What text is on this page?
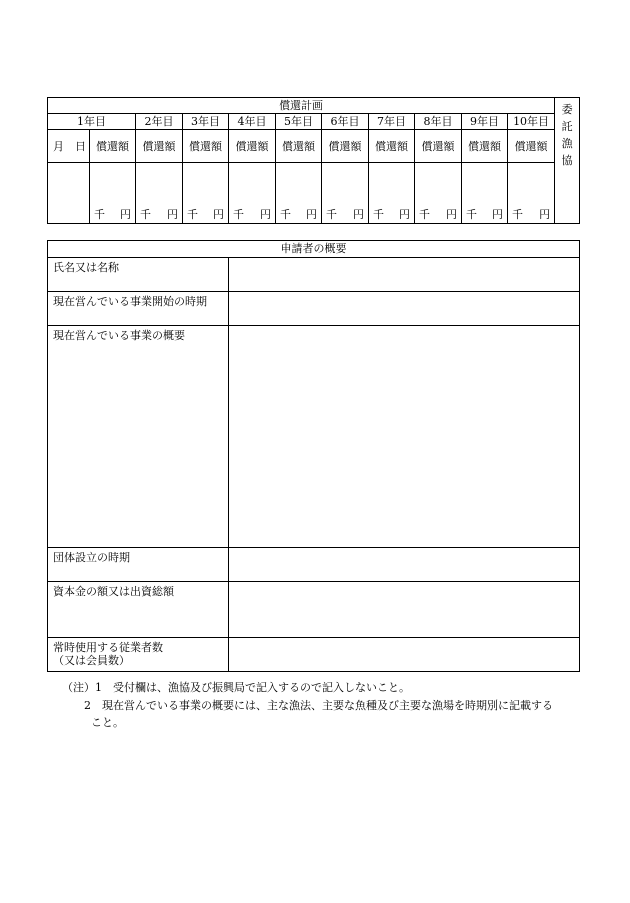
償還計画											委託漁協

1年目		2年目	3年目	4年目	5年目	6年目	7年目	8年目	9年目	10年目	
月　日	償還額	償還額	償還額	償還額	償還額	償還額	償還額	償還額	償還額	償還額	

	千 円	千 円	千 円	千 円	千 円	千 円	千 円	千 円	千 円	千 円	
申請者の概要	
氏名又は名称	
現在営んでいる事業開始の時期	
現在営んでいる事業の概要	
団体設立の時期	
資本金の額又は出資総額	

常時使用する従業者数
（又は会員数）	

（注）1　受付欄は、漁協及び振興局で記入するので記入しないこと。
2　現在営んでいる事業の概要には、主な漁法、主要な魚種及び主要な漁場を時期別に記載する
こと。
